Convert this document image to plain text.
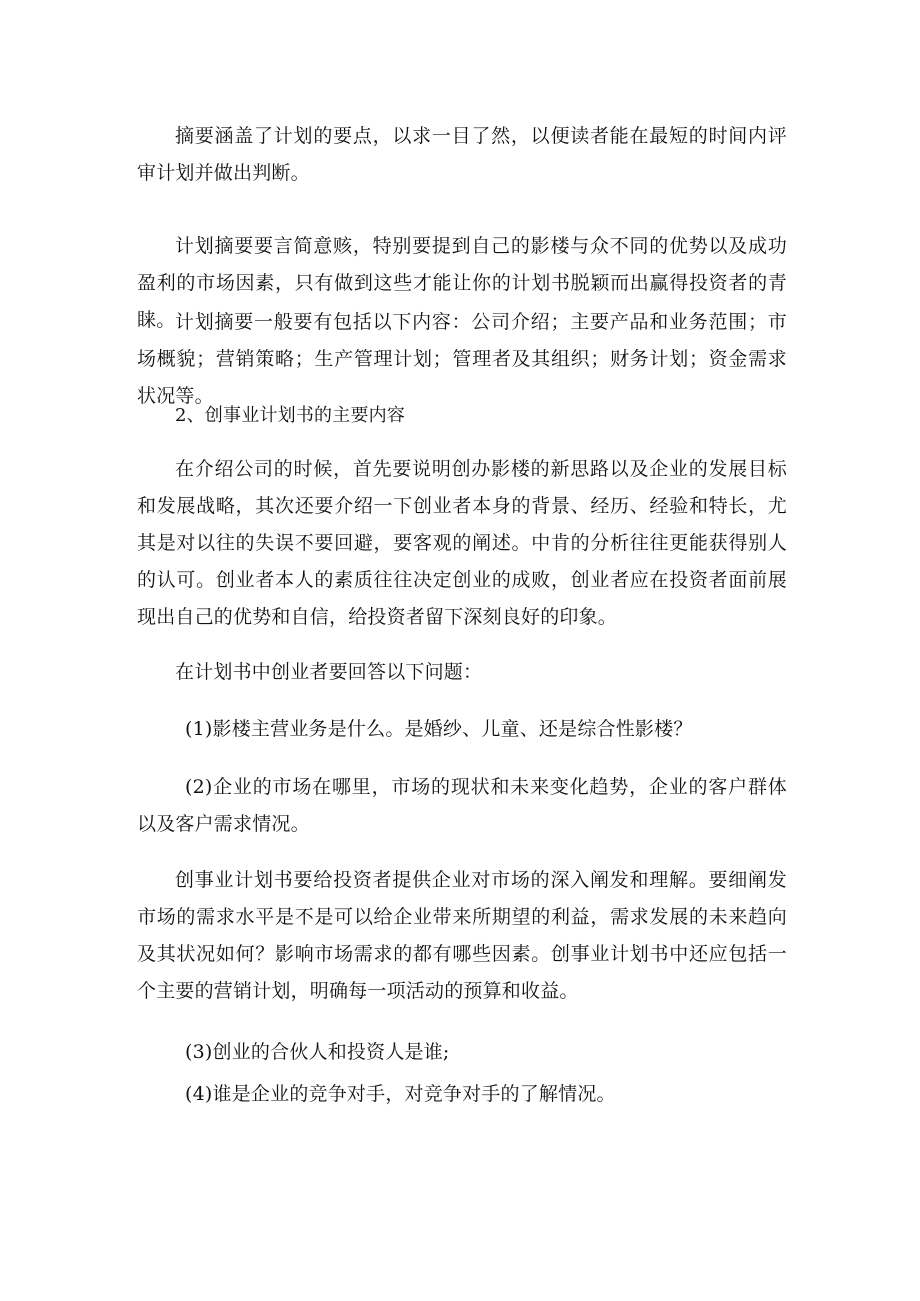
摘要涵盖了计划的要点，以求一目了然，以便读者能在最短的时间内评审计划并做出判断。

计划摘要要言简意赅，特别要提到自己的影楼与众不同的优势以及成功盈利的市场因素，只有做到这些才能让你的计划书脱颖而出赢得投资者的青睐。 计划摘要一般要有包括以下内容：公司介绍；主要产品和业务范围；市场概貌；营销策略；生产管理计划；管理者及其组织；财务计划；资金需求状况等。

2、创事业计划书的主要内容

在介绍公司的时候，首先要说明创办影楼的新思路以及企业的发展目标和发展战略，其次还要介绍一下创业者本身的背景、经历、经验和特长，尤其是对以往的失误不要回避，要客观的阐述。中肯的分析往往更能获得别人的认可。创业者本人的素质往往决定创业的成败，创业者应在投资者面前展现出自己的优势和自信，给投资者留下深刻良好的印象。

在计划书中创业者要回答以下问题：

(1)影楼主营业务是什么。是婚纱、儿童、还是综合性影楼？

(2)企业的市场在哪里，市场的现状和未来变化趋势，企业的客户群体以及客户需求情况。

创事业计划书要给投资者提供企业对市场的深入阐发和理解。要细阐发市场的需求水平是不是可以给企业带来所期望的利益，需求发展的未来趋向及其状况如何？影响市场需求的都有哪些因素。创事业计划书中还应包括一个主要的营销计划，明确每一项活动的预算和收益。

(3)创业的合伙人和投资人是谁;

(4)谁是企业的竞争对手，对竞争对手的了解情况。
